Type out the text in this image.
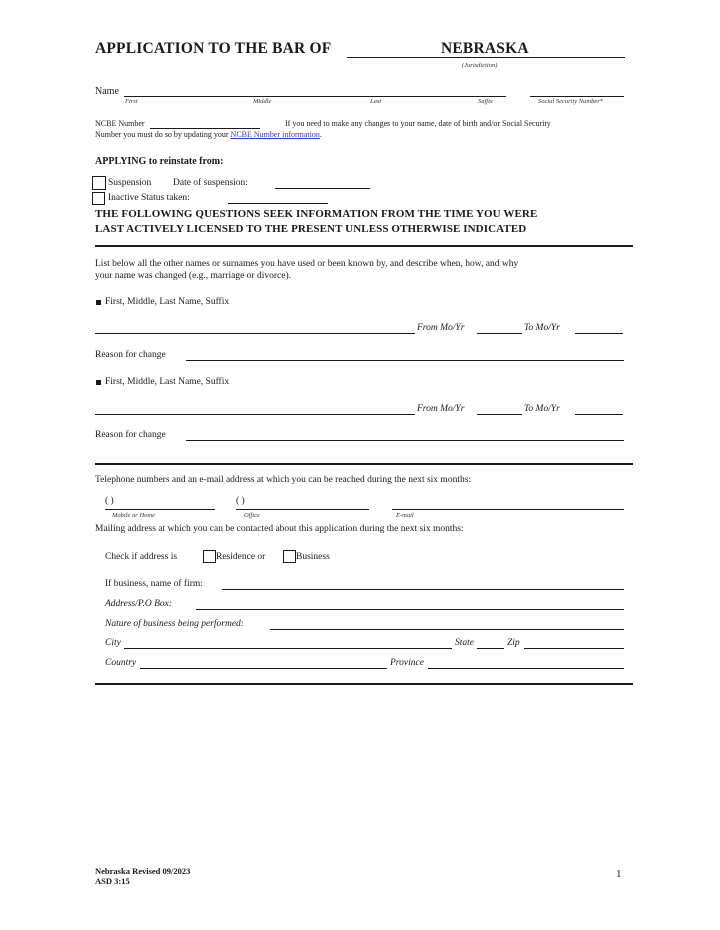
APPLICATION TO THE BAR OF	NEBRASKA
(Jurisdiction)
Name
First	Middle	Last	Suffix	Social Security Number*
NCBE Number	If you need to make any changes to your name, date of birth and/or Social Security
Number you must do so by updating your NCBE Number information.
APPLYING to reinstate from:
Suspension Date of suspension:
Inactive Status taken:
THE FOLLOWING QUESTIONS SEEK INFORMATION FROM THE TIME YOU WERE
LAST ACTIVELY LICENSED TO THE PRESENT UNLESS OTHERWISE INDICATED
List below all the other names or surnames you have used or been known by, and describe when, how, and why
your name was changed (e.g., marriage or divorce).
First, Middle, Last Name, Suffix
From Mo/Yr	To Mo/Yr
Reason for change
First, Middle, Last Name, Suffix
From Mo/Yr	To Mo/Yr
Reason for change
Telephone numbers and an e-mail address at which you can be reached during the next six months:
( )	( )
Mobile or Home	Office	E-mail
Mailing address at which you can be contacted about this application during the next six months:
Check if address is	Residence or	Business
If business, name of firm:
Address/P.O Box:
Nature of business being performed:
City	State	Zip
Country	Province
Nebraska Revised 09/2023
ASD 3:15
1
